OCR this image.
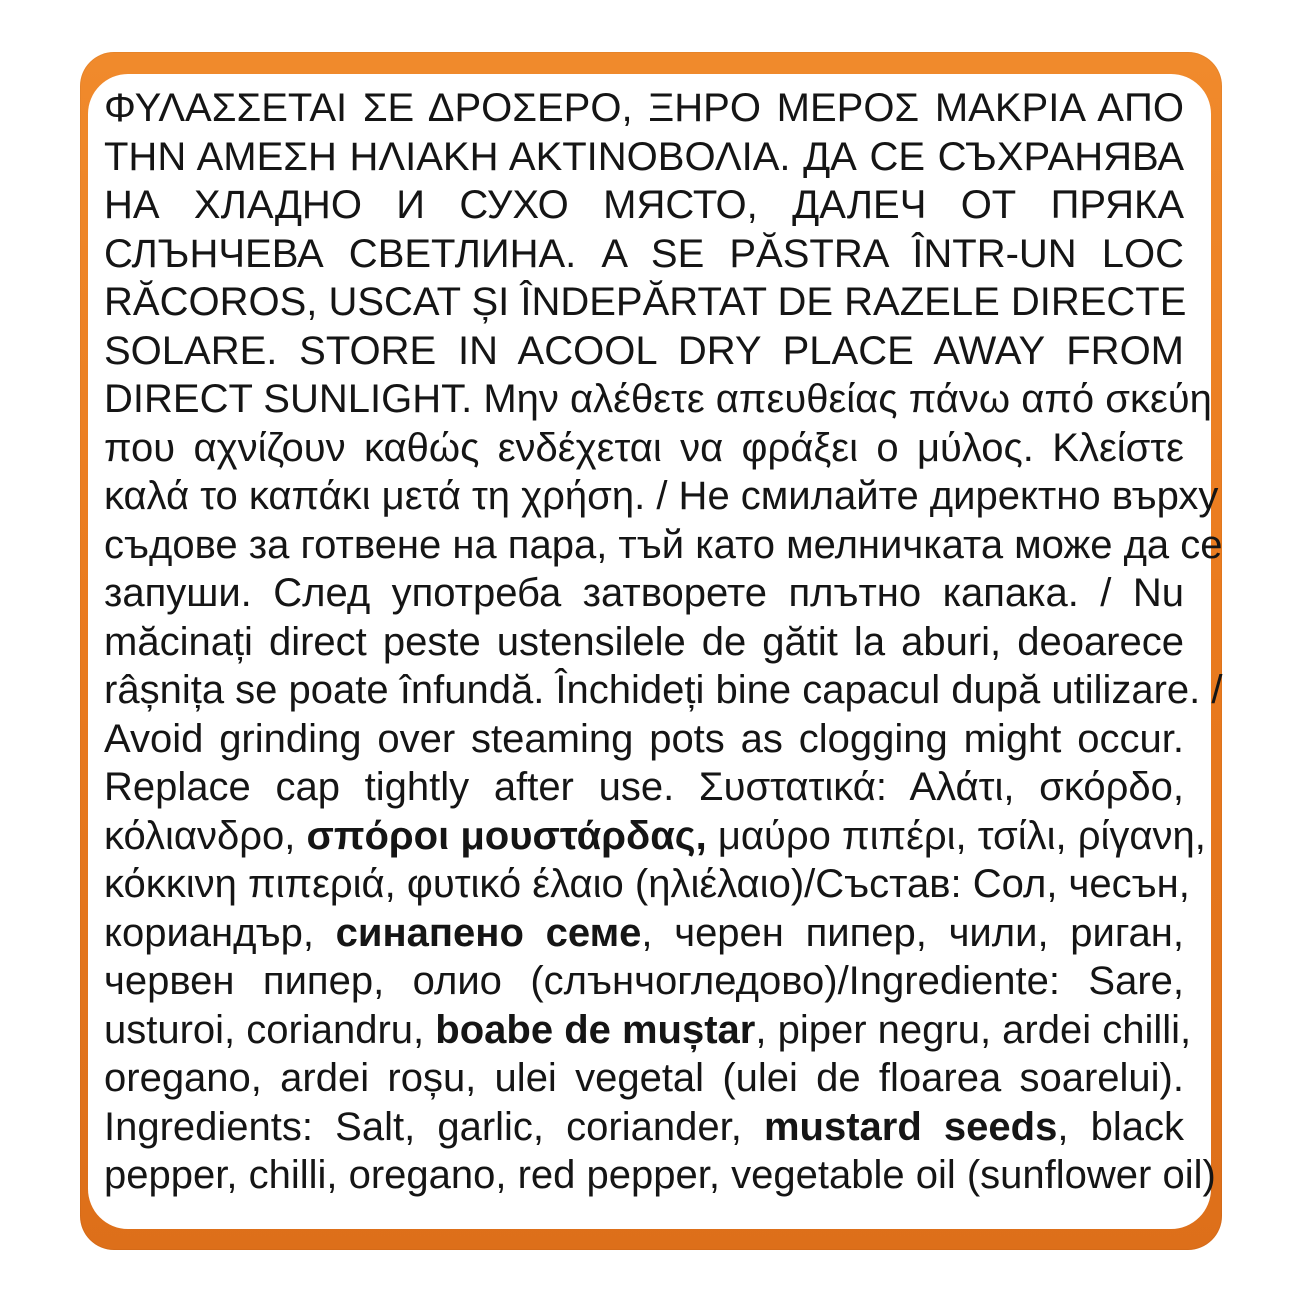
ΦΥΛΑΣΣΕΤΑΙ ΣΕ ΔΡΟΣΕΡΟ, ΞΗΡΟ ΜΕΡΟΣ ΜΑΚΡΙΑ ΑΠΟ
ΤΗΝ ΑΜΕΣΗ ΗΛΙΑΚΗ ΑΚΤΙΝΟΒΟΛΙΑ. ДА СЕ СЪХРАНЯВА
НА ХЛАДНО И СУХО МЯСТО, ДАЛЕЧ ОТ ПРЯКА
СЛЪНЧЕВА СВЕТЛИНА. A SE PĂSTRA ÎNTR-UN LOC
RĂCOROS, USCAT ȘI ÎNDEPĂRTAT DE RAZELE DIRECTE
SOLARE. STORE IN ACOOL DRY PLACE AWAY FROM
DIRECT SUNLIGHT. Μην αλέθετε απευθείας πάνω από σκεύη
που αχνίζουν καθώς ενδέχεται να φράξει ο μύλος. Κλείστε
καλά το καπάκι μετά τη χρήση. / Не смилайте директно върху
съдове за готвене на пара, тъй като мелничката може да се
запуши. След употреба затворете плътно капака. / Nu
măcinați direct peste ustensilele de gătit la aburi, deoarece
râșnița se poate înfundă. Închideți bine capacul după utilizare. /
Avoid grinding over steaming pots as clogging might occur.
Replace cap tightly after use. Συστατικά: Αλάτι, σκόρδο,
κόλιανδρο, σπόροι μουστάρδας, μαύρο πιπέρι, τσίλι, ρίγανη,
κόκκινη πιπεριά, φυτικό έλαιο (ηλιέλαιο)/Състав: Сол, чесън,
кориандър, синапено семе, черен пипер, чили, риган,
червен пипер, олио (слънчогледово)/Ingrediente: Sare,
usturoi, coriandru, boabe de muștar, piper negru, ardei chilli,
oregano, ardei roșu, ulei vegetal (ulei de floarea soarelui).
Ingredients: Salt, garlic, coriander, mustard seeds, black
pepper, chilli, oregano, red pepper, vegetable oil (sunflower oil)
